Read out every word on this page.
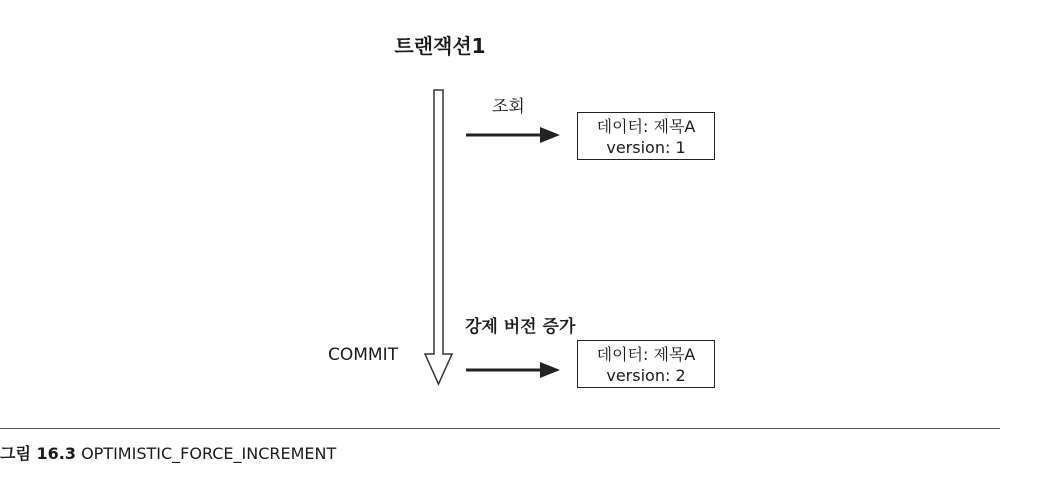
트랜잭션1
조회
데이터: 제목A
version: 1
강제 버전 증가
COMMIT	데이터: 제목A
version: 2
그림 16.3 OPTIMISTIC_FORCE_INCREMENT
